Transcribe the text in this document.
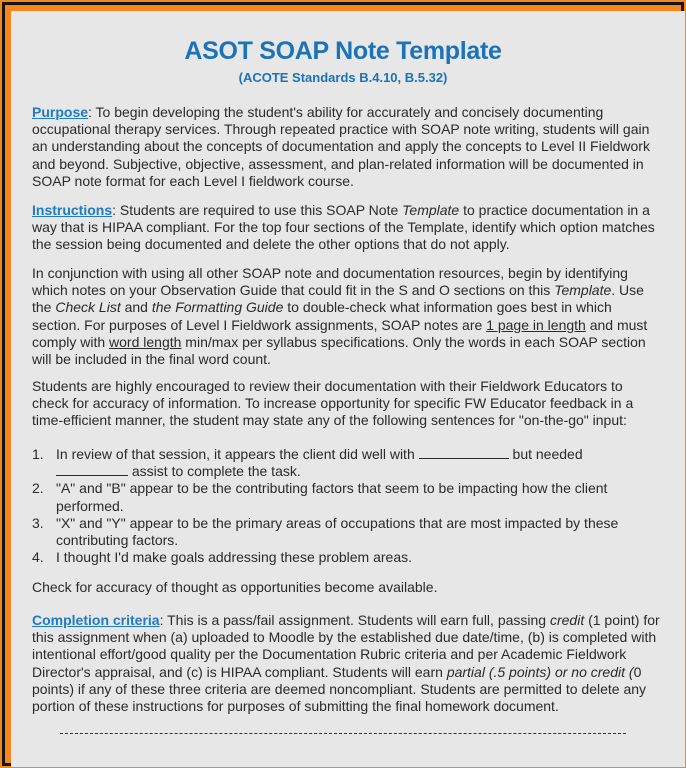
ASOT SOAP Note Template
(ACOTE Standards B.4.10, B.5.32)
Purpose: To begin developing the student's ability for accurately and concisely documenting occupational therapy services. Through repeated practice with SOAP note writing, students will gain an understanding about the concepts of documentation and apply the concepts to Level II Fieldwork and beyond. Subjective, objective, assessment, and plan-related information will be documented in SOAP note format for each Level I fieldwork course.
Instructions: Students are required to use this SOAP Note Template to practice documentation in a way that is HIPAA compliant. For the top four sections of the Template, identify which option matches the session being documented and delete the other options that do not apply.
In conjunction with using all other SOAP note and documentation resources, begin by identifying which notes on your Observation Guide that could fit in the S and O sections on this Template. Use the Check List and the Formatting Guide to double-check what information goes best in which section. For purposes of Level I Fieldwork assignments, SOAP notes are 1 page in length and must comply with word length min/max per syllabus specifications. Only the words in each SOAP section will be included in the final word count.
Students are highly encouraged to review their documentation with their Fieldwork Educators to check for accuracy of information. To increase opportunity for specific FW Educator feedback in a time-efficient manner, the student may state any of the following sentences for "on-the-go" input:
1. In review of that session, it appears the client did well with	but needed
assist to complete the task.
2. "A" and "B" appear to be the contributing factors that seem to be impacting how the client performed.
3. "X" and "Y" appear to be the primary areas of occupations that are most impacted by these contributing factors.
4. I thought I'd make goals addressing these problem areas.
Check for accuracy of thought as opportunities become available.
Completion criteria: This is a pass/fail assignment. Students will earn full, passing credit (1 point) for this assignment when (a) uploaded to Moodle by the established due date/time, (b) is completed with intentional effort/good quality per the Documentation Rubric criteria and per Academic Fieldwork Director's appraisal, and (c) is HIPAA compliant. Students will earn partial (.5 points) or no credit (0 points) if any of these three criteria are deemed noncompliant. Students are permitted to delete any portion of these instructions for purposes of submitting the final homework document.
